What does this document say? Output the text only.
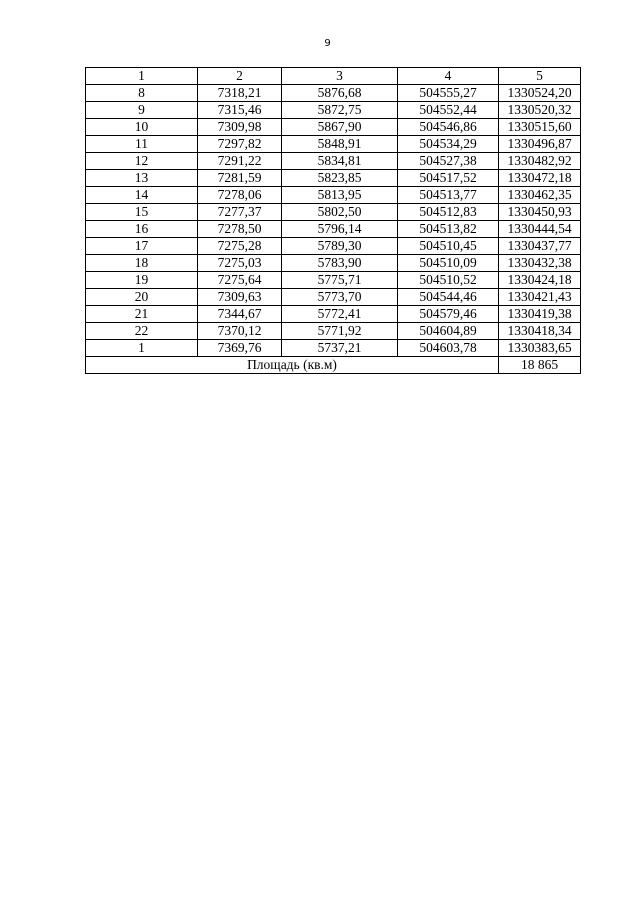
9
1	2	3	4	5
8	7318,21	5876,68	504555,27	1330524,20
9	7315,46	5872,75	504552,44	1330520,32
10	7309,98	5867,90	504546,86	1330515,60
11	7297,82	5848,91	504534,29	1330496,87
12	7291,22	5834,81	504527,38	1330482,92
13	7281,59	5823,85	504517,52	1330472,18
14	7278,06	5813,95	504513,77	1330462,35
15	7277,37	5802,50	504512,83	1330450,93
16	7278,50	5796,14	504513,82	1330444,54
17	7275,28	5789,30	504510,45	1330437,77
18	7275,03	5783,90	504510,09	1330432,38
19	7275,64	5775,71	504510,52	1330424,18
20	7309,63	5773,70	504544,46	1330421,43
21	7344,67	5772,41	504579,46	1330419,38
22	7370,12	5771,92	504604,89	1330418,34
1	7369,76	5737,21	504603,78	1330383,65
Площадь (кв.м)				18 865
